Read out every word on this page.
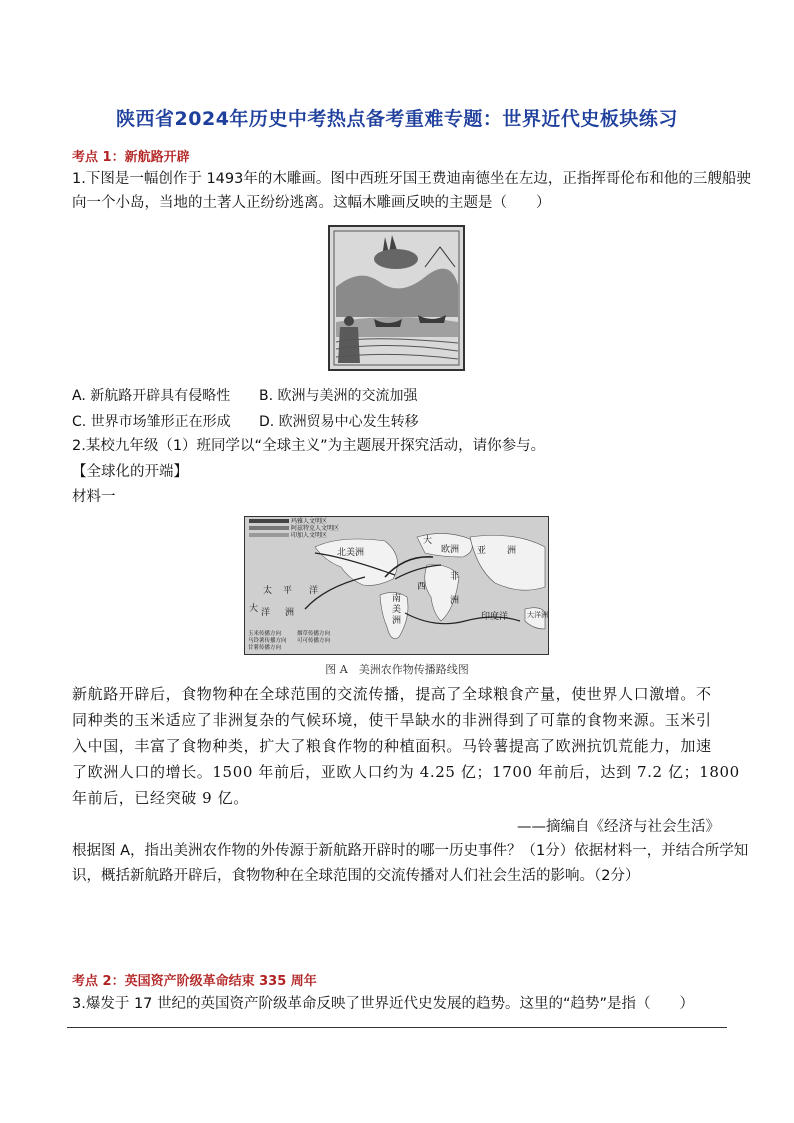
陕西省2024年历史中考热点备考重难专题：世界近代史板块练习
考点 1：新航路开辟
1.下图是一幅创作于 1493年的木雕画。图中西班牙国王费迪南德坐在左边，正指挥哥伦布和他的三艘船驶
向一个小岛，当地的土著人正纷纷逃离。这幅木雕画反映的主题是（　　）
A. 新航路开辟具有侵略性 B. 欧洲与美洲的交流加强
C. 世界市场雏形正在形成 D. 欧洲贸易中心发生转移
2.某校九年级（1）班同学以“全球主义”为主题展开探究活动，请你参与。
【全球化的开端】
材料一
玛雅人文明区
阿兹特克人文明区
印加人文明区
玉米传播方向
马铃薯传播方向
甘薯传播方向
烟草传播方向
可可传播方向
北美洲	欧洲 亚 洲
非
洲
南
美
洲
太 平 洋
大 洋 洲
大
西
印度洋	大洋洲
图 A　美洲农作物传播路线图
新航路开辟后，食物物种在全球范围的交流传播，提高了全球粮食产量，使世界人口激增。不
同种类的玉米适应了非洲复杂的气候环境，使干旱缺水的非洲得到了可靠的食物来源。玉米引
入中国，丰富了食物种类，扩大了粮食作物的种植面积。马铃薯提高了欧洲抗饥荒能力，加速
了欧洲人口的增长。1500 年前后，亚欧人口约为 4.25 亿；1700 年前后，达到 7.2 亿；1800
年前后，已经突破 9 亿。
——摘编自《经济与社会生活》
根据图 A，指出美洲农作物的外传源于新航路开辟时的哪一历史事件？（1分）依据材料一，并结合所学知
识，概括新航路开辟后，食物物种在全球范围的交流传播对人们社会生活的影响。（2分）
考点 2：英国资产阶级革命结束 335 周年
3.爆发于 17 世纪的英国资产阶级革命反映了世界近代史发展的趋势。这里的“趋势”是指（　　）
